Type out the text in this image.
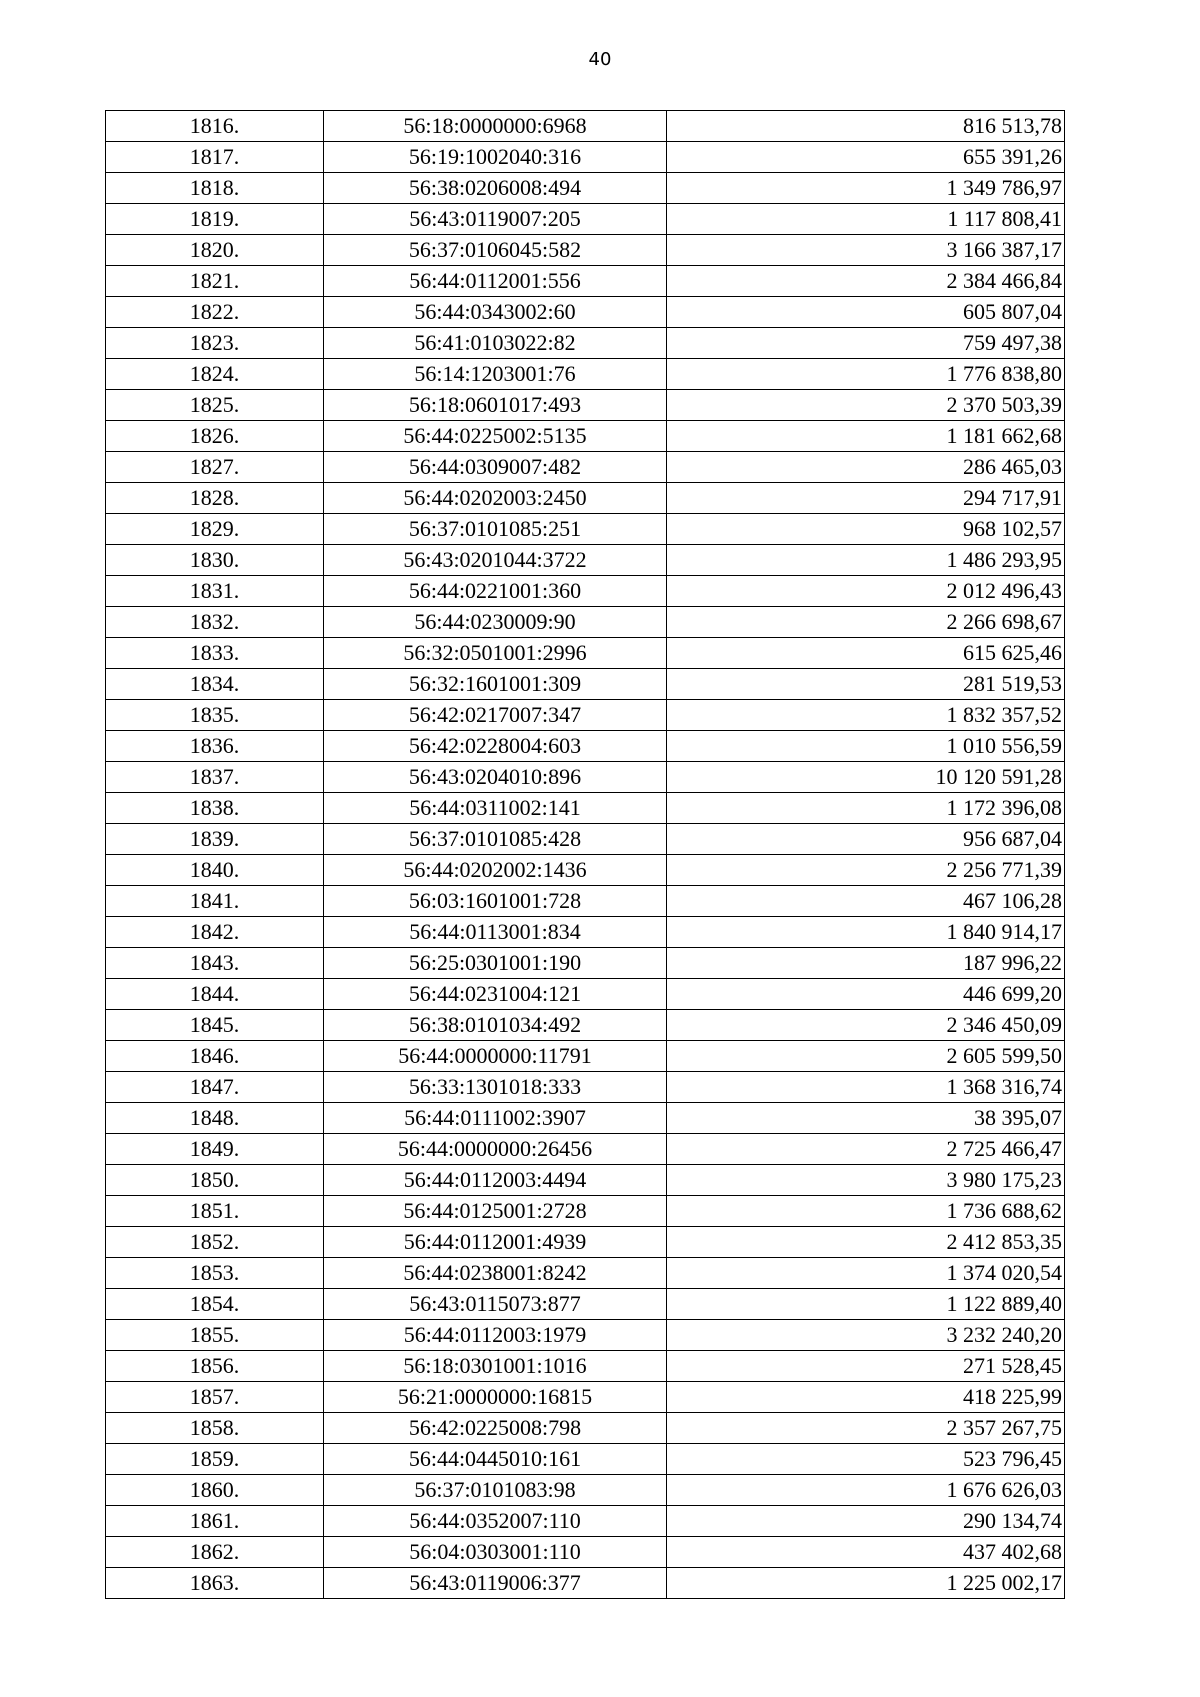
40
1816.	56:18:0000000:6968	816 513,78
1817.	56:19:1002040:316	655 391,26
1818.	56:38:0206008:494	1 349 786,97
1819.	56:43:0119007:205	1 117 808,41
1820.	56:37:0106045:582	3 166 387,17
1821.	56:44:0112001:556	2 384 466,84
1822.	56:44:0343002:60	605 807,04
1823.	56:41:0103022:82	759 497,38
1824.	56:14:1203001:76	1 776 838,80
1825.	56:18:0601017:493	2 370 503,39
1826.	56:44:0225002:5135	1 181 662,68
1827.	56:44:0309007:482	286 465,03
1828.	56:44:0202003:2450	294 717,91
1829.	56:37:0101085:251	968 102,57
1830.	56:43:0201044:3722	1 486 293,95
1831.	56:44:0221001:360	2 012 496,43
1832.	56:44:0230009:90	2 266 698,67
1833.	56:32:0501001:2996	615 625,46
1834.	56:32:1601001:309	281 519,53
1835.	56:42:0217007:347	1 832 357,52
1836.	56:42:0228004:603	1 010 556,59
1837.	56:43:0204010:896	10 120 591,28
1838.	56:44:0311002:141	1 172 396,08
1839.	56:37:0101085:428	956 687,04
1840.	56:44:0202002:1436	2 256 771,39
1841.	56:03:1601001:728	467 106,28
1842.	56:44:0113001:834	1 840 914,17
1843.	56:25:0301001:190	187 996,22
1844.	56:44:0231004:121	446 699,20
1845.	56:38:0101034:492	2 346 450,09
1846.	56:44:0000000:11791	2 605 599,50
1847.	56:33:1301018:333	1 368 316,74
1848.	56:44:0111002:3907	38 395,07
1849.	56:44:0000000:26456	2 725 466,47
1850.	56:44:0112003:4494	3 980 175,23
1851.	56:44:0125001:2728	1 736 688,62
1852.	56:44:0112001:4939	2 412 853,35
1853.	56:44:0238001:8242	1 374 020,54
1854.	56:43:0115073:877	1 122 889,40
1855.	56:44:0112003:1979	3 232 240,20
1856.	56:18:0301001:1016	271 528,45
1857.	56:21:0000000:16815	418 225,99
1858.	56:42:0225008:798	2 357 267,75
1859.	56:44:0445010:161	523 796,45
1860.	56:37:0101083:98	1 676 626,03
1861.	56:44:0352007:110	290 134,74
1862.	56:04:0303001:110	437 402,68
1863.	56:43:0119006:377	1 225 002,17
